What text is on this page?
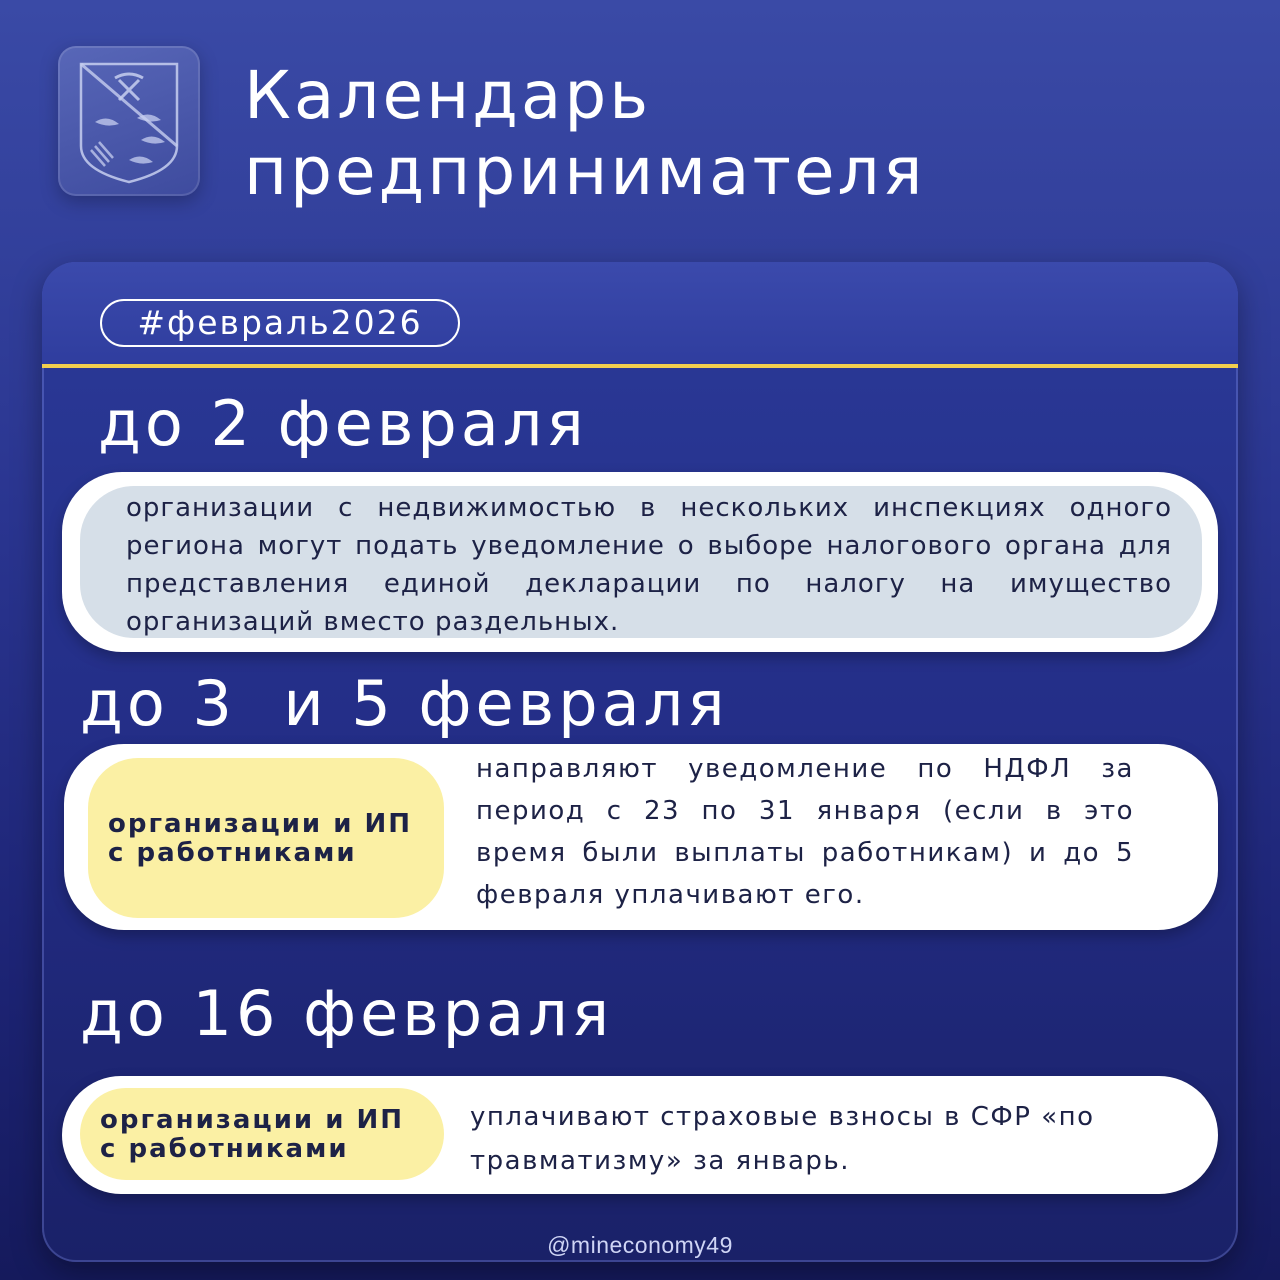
Календарь
предпринимателя
#февраль2026
до 2 февраля
организации с недвижимостью в нескольких инспекциях одного региона могут подать уведомление о выборе налогового органа для представления единой декларации по налогу на имущество организаций вместо раздельных.
до 3  и 5 февраля
организации и ИП
с работниками
направляют уведомление по НДФЛ за период с 23 по 31 января (если в это время были выплаты работникам) и до 5 февраля уплачивают его.
до 16 февраля
организации и ИП
с работниками
уплачивают страховые взносы в СФР «по травматизму» за январь.
@mineconomy49
